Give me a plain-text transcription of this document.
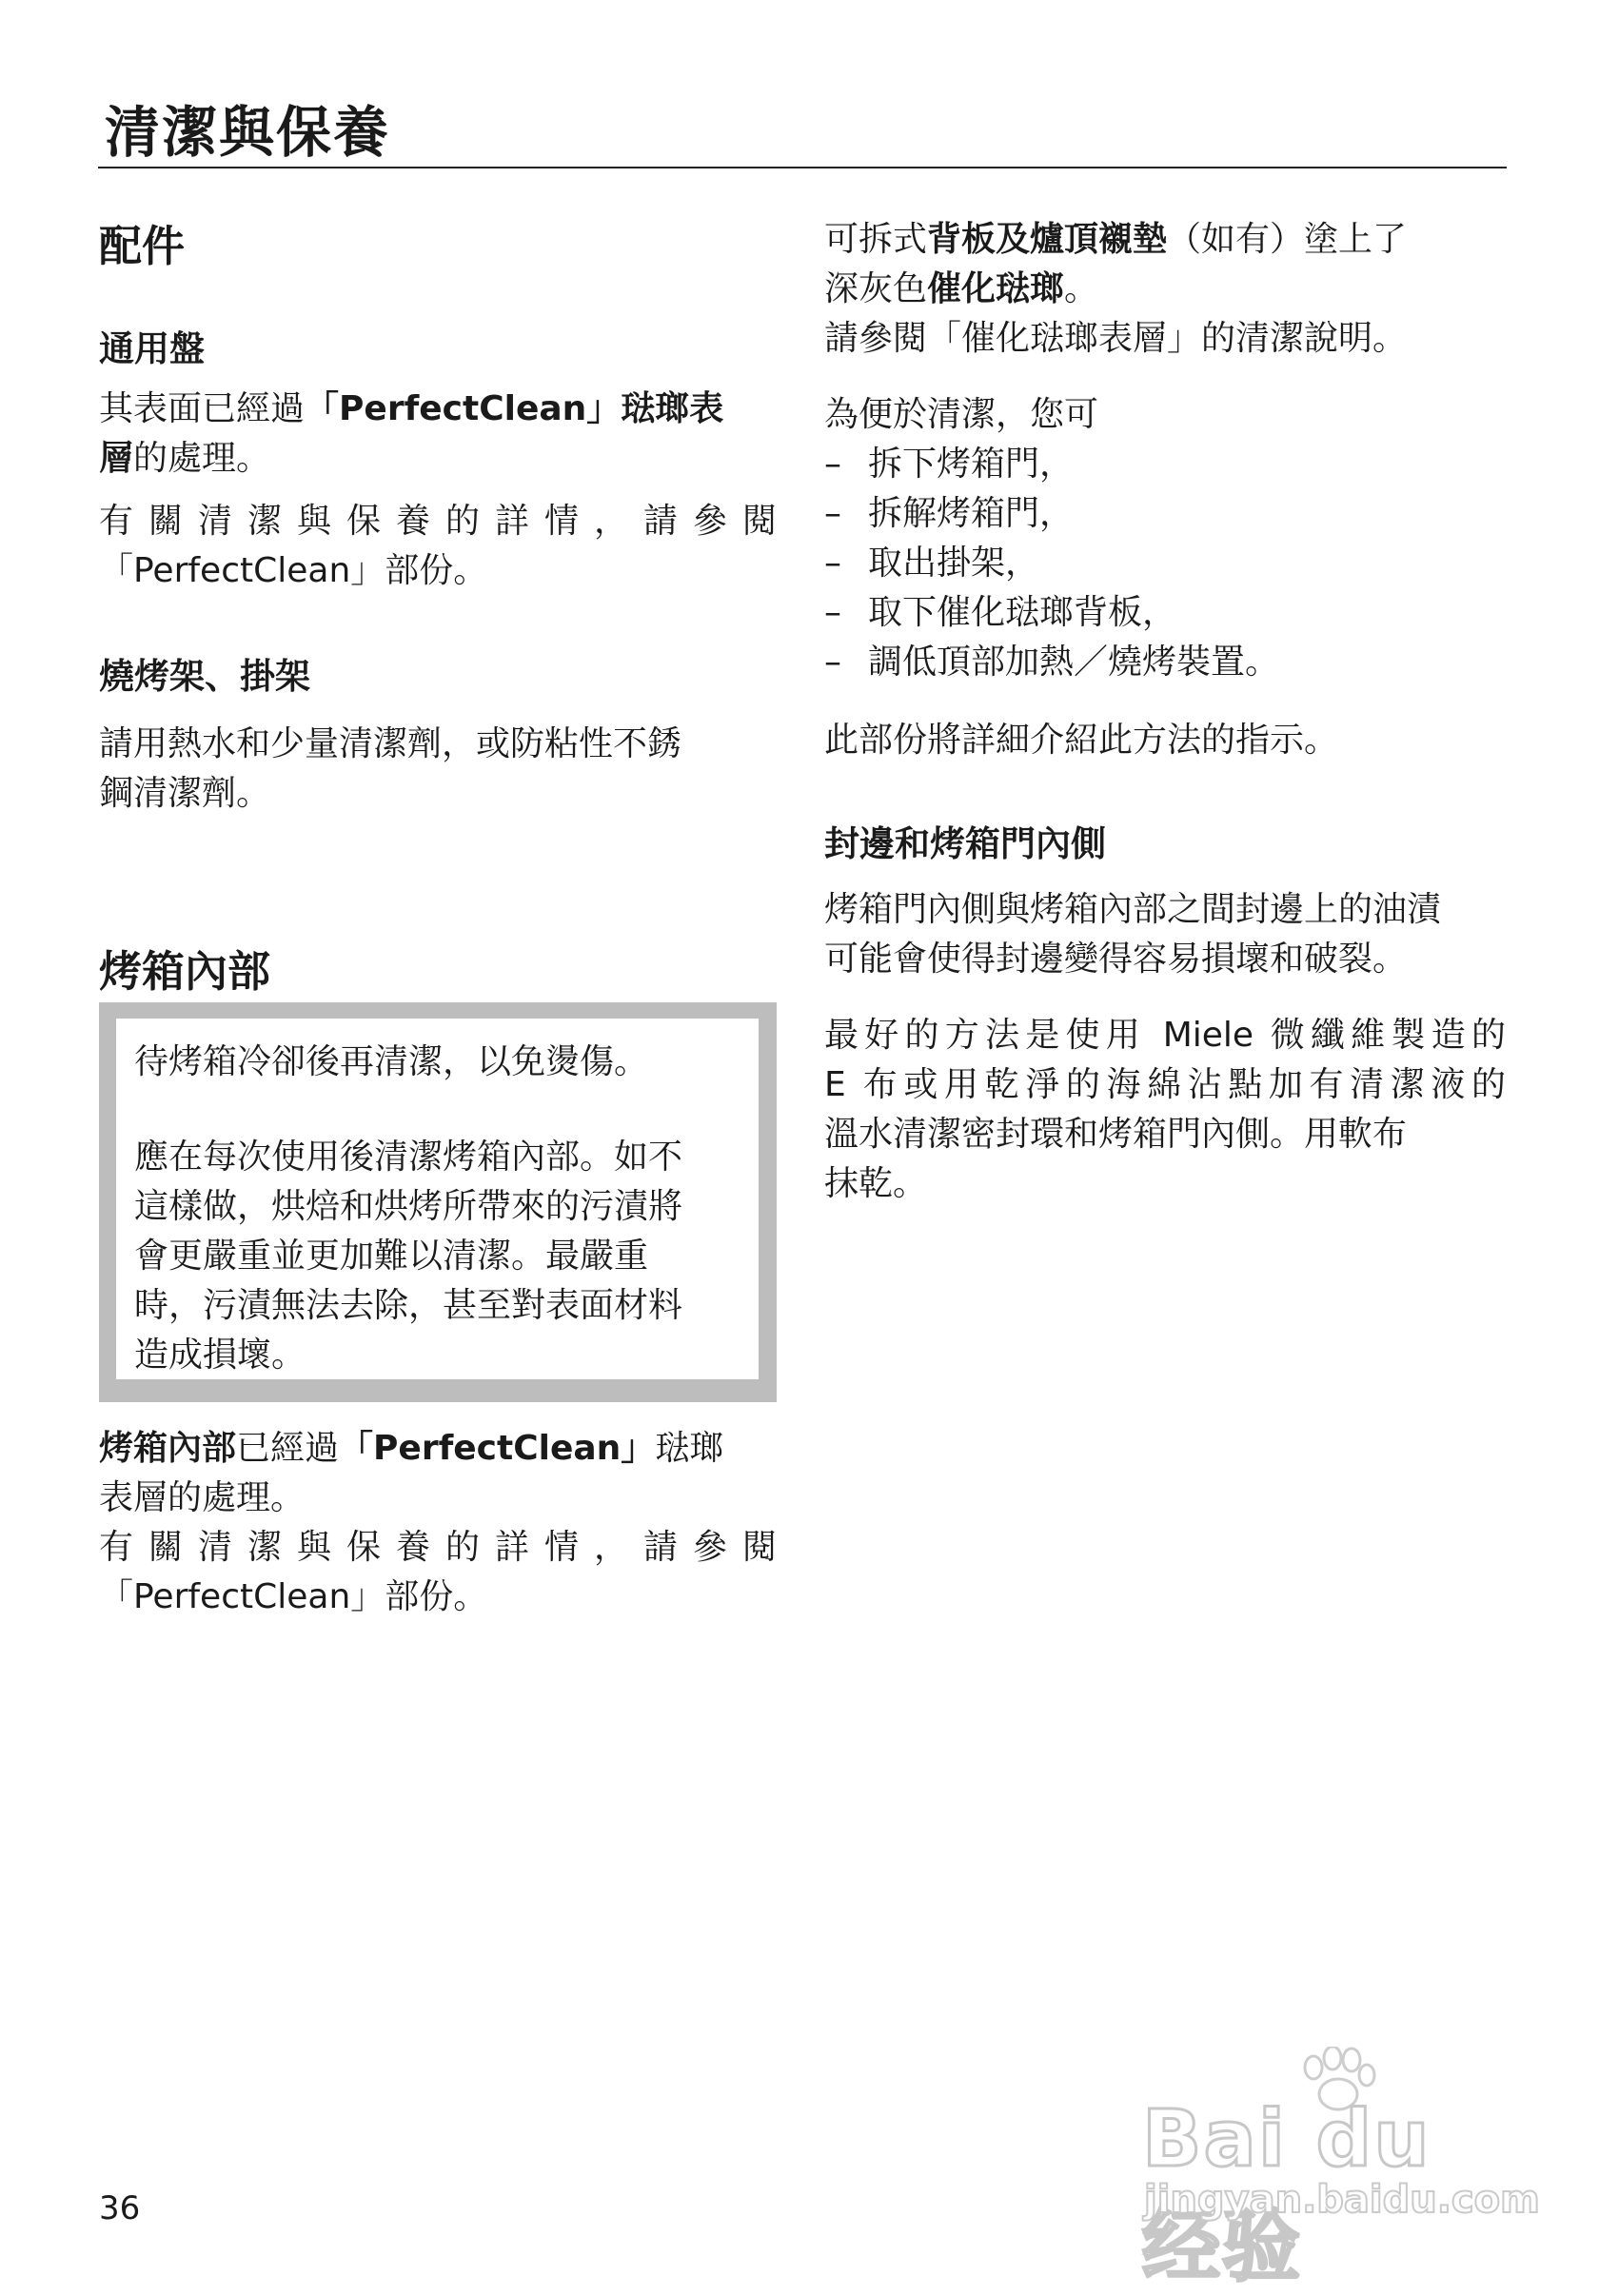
清潔與保養
配件
通用盤
其表面已經過「PerfectClean」琺瑯表
層的處理。
有關清潔與保養的詳情，請參閱
「PerfectClean」部份。
燒烤架、掛架
請用熱水和少量清潔劑，或防粘性不銹
鋼清潔劑。
烤箱內部
待烤箱冷卻後再清潔，以免燙傷。
應在每次使用後清潔烤箱內部。如不
這樣做，烘焙和烘烤所帶來的污漬將
會更嚴重並更加難以清潔。最嚴重
時，污漬無法去除，甚至對表面材料
造成損壞。
烤箱內部已經過「PerfectClean」琺瑯
表層的處理。
有關清潔與保養的詳情，請參閱
「PerfectClean」部份。
可拆式背板及爐頂襯墊（如有）塗上了
深灰色催化琺瑯。
請參閱「催化琺瑯表層」的清潔說明。
為便於清潔，您可
– 拆下烤箱門，
– 拆解烤箱門，
– 取出掛架，
– 取下催化琺瑯背板，
– 調低頂部加熱／燒烤裝置。
此部份將詳細介紹此方法的指示。
封邊和烤箱門內側
烤箱門內側與烤箱內部之間封邊上的油漬
可能會使得封邊變得容易損壞和破裂。
最好的方法是使用 Miele 微纖維製造的
E 布或用乾淨的海綿沾點加有清潔液的
溫水清潔密封環和烤箱門內側。用軟布
抹乾。
36
Bai du 经验
jingyan.baidu.com
